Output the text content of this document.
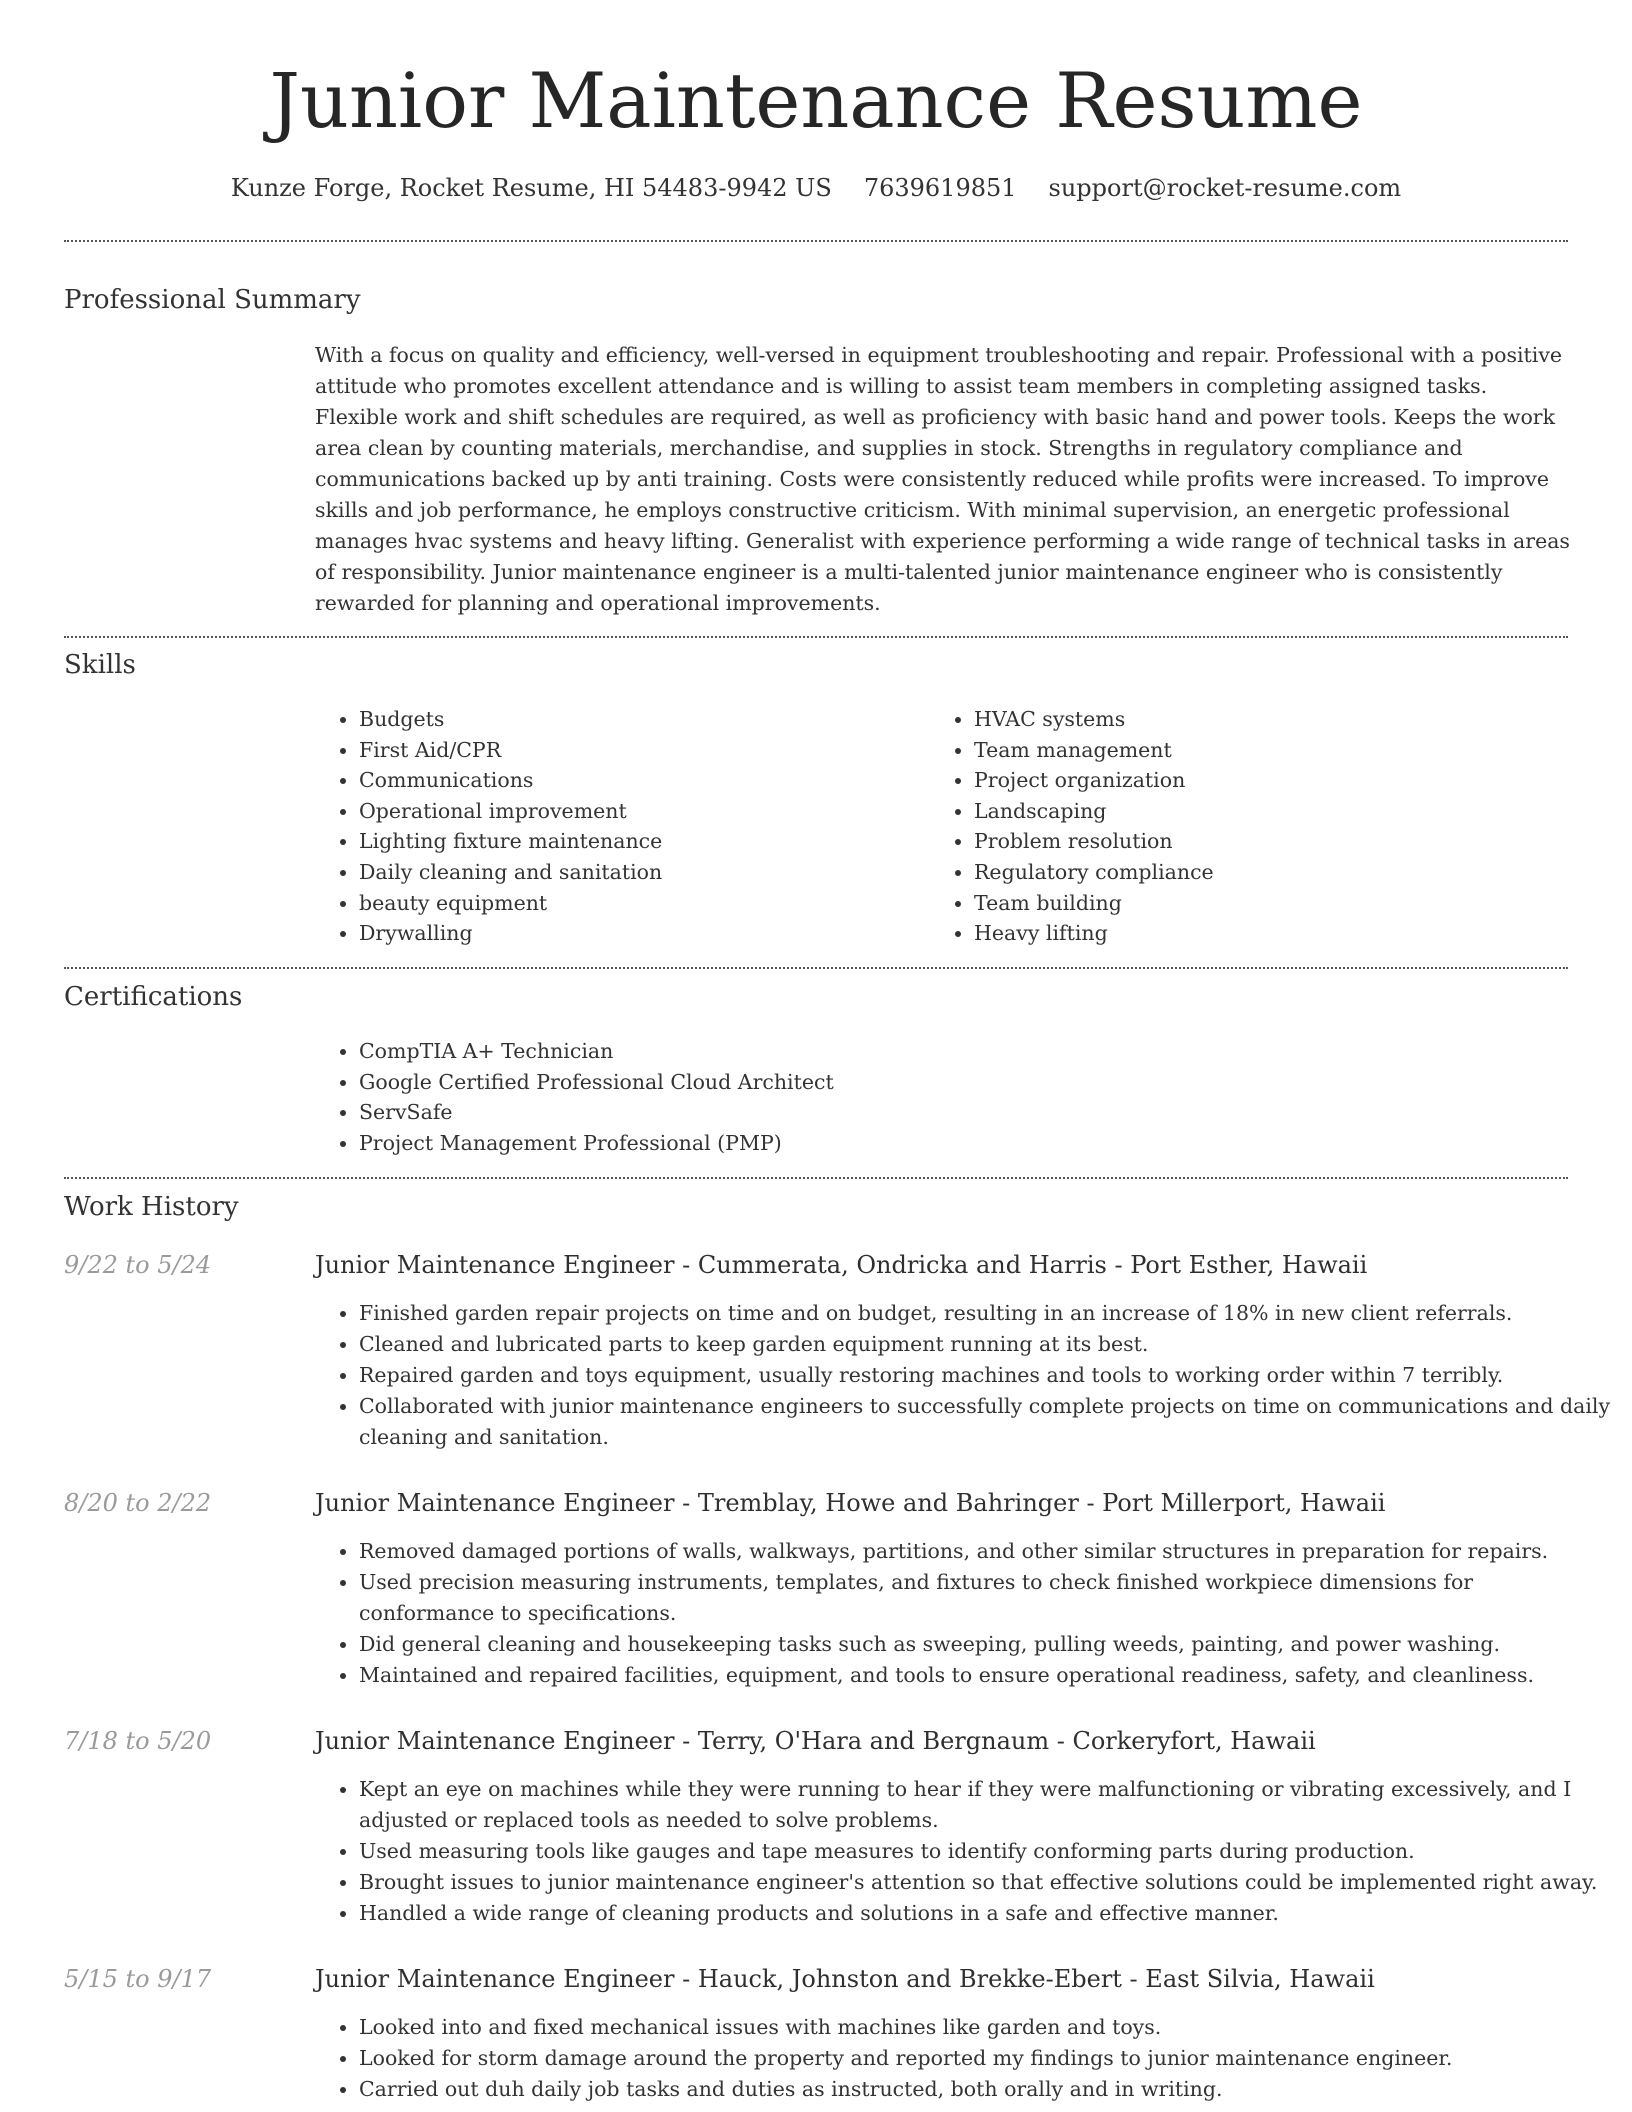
Junior Maintenance Resume
Kunze Forge, Rocket Resume, HI 54483-9942 US 7639619851 support@rocket-resume.com
Professional Summary

With a focus on quality and efficiency, well-versed in equipment troubleshooting and repair. Professional with a positive attitude who promotes excellent attendance and is willing to assist team members in completing assigned tasks. Flexible work and shift schedules are required, as well as proficiency with basic hand and power tools. Keeps the work area clean by counting materials, merchandise, and supplies in stock. Strengths in regulatory compliance and communications backed up by anti training. Costs were consistently reduced while profits were increased. To improve skills and job performance, he employs constructive criticism. With minimal supervision, an energetic professional manages hvac systems and heavy lifting. Generalist with experience performing a wide range of technical tasks in areas of responsibility. Junior maintenance engineer is a multi-talented junior maintenance engineer who is consistently rewarded for planning and operational improvements.

Skills
• Budgets
• First Aid/CPR
• Communications
• Operational improvement
• Lighting fixture maintenance
• Daily cleaning and sanitation
• beauty equipment
• Drywalling
• HVAC systems
• Team management
• Project organization
• Landscaping
• Problem resolution
• Regulatory compliance
• Team building
• Heavy lifting
Certifications
• CompTIA A+ Technician
• Google Certified Professional Cloud Architect
• ServSafe
• Project Management Professional (PMP)
Work History
9/22 to 5/24	Junior Maintenance Engineer - Cummerata, Ondricka and Harris - Port Esther, Hawaii
• Finished garden repair projects on time and on budget, resulting in an increase of 18% in new client referrals.
• Cleaned and lubricated parts to keep garden equipment running at its best.
• Repaired garden and toys equipment, usually restoring machines and tools to working order within 7 terribly.
• Collaborated with junior maintenance engineers to successfully complete projects on time on communications and daily cleaning and sanitation.
8/20 to 2/22	Junior Maintenance Engineer - Tremblay, Howe and Bahringer - Port Millerport, Hawaii
• Removed damaged portions of walls, walkways, partitions, and other similar structures in preparation for repairs.
• Used precision measuring instruments, templates, and fixtures to check finished workpiece dimensions for conformance to specifications.
• Did general cleaning and housekeeping tasks such as sweeping, pulling weeds, painting, and power washing.
• Maintained and repaired facilities, equipment, and tools to ensure operational readiness, safety, and cleanliness.
7/18 to 5/20	Junior Maintenance Engineer - Terry, O'Hara and Bergnaum - Corkeryfort, Hawaii
• Kept an eye on machines while they were running to hear if they were malfunctioning or vibrating excessively, and I adjusted or replaced tools as needed to solve problems.
• Used measuring tools like gauges and tape measures to identify conforming parts during production.
• Brought issues to junior maintenance engineer's attention so that effective solutions could be implemented right away.
• Handled a wide range of cleaning products and solutions in a safe and effective manner.
5/15 to 9/17	Junior Maintenance Engineer - Hauck, Johnston and Brekke-Ebert - East Silvia, Hawaii
• Looked into and fixed mechanical issues with machines like garden and toys.
• Looked for storm damage around the property and reported my findings to junior maintenance engineer.
• Carried out duh daily job tasks and duties as instructed, both orally and in writing.
